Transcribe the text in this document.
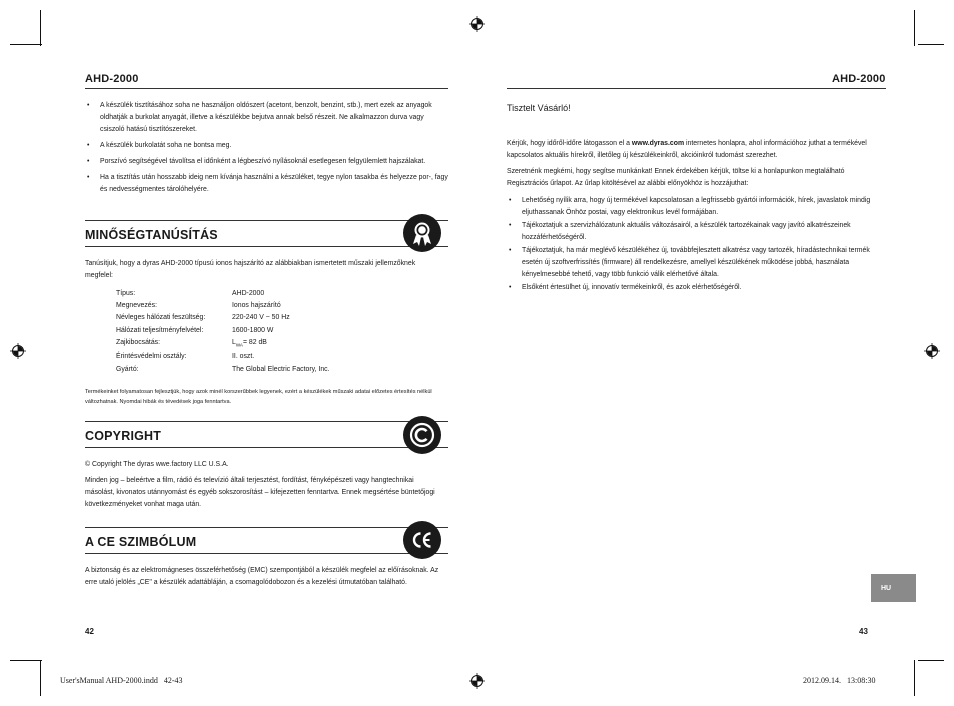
AHD-2000	AHD-2000
• A készülék tisztításához soha ne használjon oldószert (acetont, benzolt, benzint, stb.), mert ezek az anyagok oldhatják a burkolat anyagát, illetve a készülékbe bejutva annak belső részeit. Ne alkalmazzon durva vagy csiszoló hatású tisztítószereket.
• A készülék burkolatát soha ne bontsa meg.
• Porszívó segítségével távolítsa el időnként a légbeszívó nyílásoknál esetlegesen felgyülemlett hajszálakat.
• Ha a tisztítás után hosszabb ideig nem kívánja használni a készüléket, tegye nylon tasakba és helyezze por-, fagy és nedvességmentes tárolóhelyére.
MINŐSÉGTANÚSÍTÁS
Tanúsítjuk, hogy a dyras AHD-2000 típusú ionos hajszárító az alábbiakban ismertetett műszaki jellemzőknek megfelel:
Típus:	AHD-2000
Megnevezés:	Ionos hajszárító
Névleges hálózati feszültség:	220-240 V ~ 50 Hz
Hálózati teljesítményfelvétel:	1600-1800 W
Zajkibocsátás:	$L_{WA}= 82$ dB
Érintésvédelmi osztály:	II. oszt.
Gyártó:	The Global Electric Factory, Inc.
Termékeinket folyamatosan fejlesztjük, hogy azok minél korszerűbbek legyenek, ezért a készülékek műszaki adatai előzetes értesítés nélkül változhatnak. Nyomdai hibák és tévedések joga fenntartva.
COPYRIGHT
© Copyright The dyras wwe.factory LLC U.S.A.
Minden jog – beleértve a film, rádió és televízió általi terjesztést, fordítást, fényképészeti vagy hangtechnikai másolást, kivonatos utánnyomást és egyéb sokszorosítást – kifejezetten fenntartva. Ennek megsértése büntetőjogi következményeket vonhat maga után.
A CE SZIMBÓLUM
A biztonság és az elektromágneses összeférhetőség (EMC) szempontjából a készülék megfelel az előírásoknak. Az erre utaló jelölés „CE" a készülék adattábláján, a csomagolódobozon és a kezelési útmutatóban található.
Tisztelt Vásárló!
Kérjük, hogy időről-időre látogasson el a www.dyras.com internetes honlapra, ahol információhoz juthat a termékével kapcsolatos aktuális hírekről, illetőleg új készülékeinkről, akcióinkról tudomást szerezhet.
Szeretnénk megkérni, hogy segítse munkánkat! Ennek érdekében kérjük, töltse ki a honlapunkon megtalálható Regisztrációs űrlapot. Az űrlap kitöltésével az alábbi előnyökhöz is hozzájuthat:
• Lehetőség nyílik arra, hogy új termékével kapcsolatosan a legfrissebb gyártói információk, hírek, javaslatok mindig eljuthassanak Önhöz postai, vagy elektronikus levél formájában.
• Tájékoztatjuk a szervizhálózatunk aktuális változásairól, a készülék tartozékainak vagy javító alkatrészeinek hozzáférhetőségéről.
• Tájékoztatjuk, ha már meglévő készülékéhez új, továbbfejlesztett alkatrész vagy tartozék, híradástechnikai termék esetén új szoftverfrissítés (firmware) áll rendelkezésre, amellyel készülékének működése jobbá, használata kényelmesebbé tehető, vagy több funkció válik elérhetővé általa.
• Elsőként értesülhet új, innovatív termékeinkről, és azok elérhetőségéről.
HU
42	43
User'sManual AHD-2000.indd   42-43	2012.09.14.   13:08:30
